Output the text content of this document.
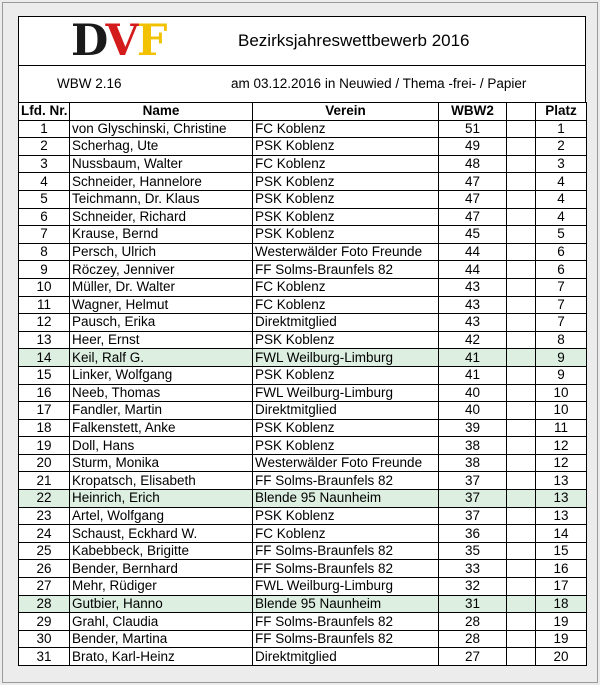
DVF	Bezirksjahreswettbewerb 2016
WBW 2.16	am 03.12.2016 in Neuwied / Thema -frei- / Papier
Lfd. Nr.	Name	Verein	WBW2		Platz
1	von Glyschinski, Christine	FC Koblenz	51		1
2	Scherhag, Ute	PSK Koblenz	49		2
3	Nussbaum, Walter	FC Koblenz	48		3
4	Schneider, Hannelore	PSK Koblenz	47		4
5	Teichmann, Dr. Klaus	PSK Koblenz	47		4
6	Schneider, Richard	PSK Koblenz	47		4
7	Krause, Bernd	PSK Koblenz	45		5
8	Persch, Ulrich	Westerwälder Foto Freunde	44		6
9	Röczey, Jenniver	FF Solms-Braunfels 82	44		6
10	Müller, Dr. Walter	FC Koblenz	43		7
11	Wagner, Helmut	FC Koblenz	43		7
12	Pausch, Erika	Direktmitglied	43		7
13	Heer, Ernst	PSK Koblenz	42		8
14	Keil, Ralf G.	FWL Weilburg-Limburg	41		9
15	Linker, Wolfgang	PSK Koblenz	41		9
16	Neeb, Thomas	FWL Weilburg-Limburg	40		10
17	Fandler, Martin	Direktmitglied	40		10
18	Falkenstett, Anke	PSK Koblenz	39		11
19	Doll, Hans	PSK Koblenz	38		12
20	Sturm, Monika	Westerwälder Foto Freunde	38		12
21	Kropatsch, Elisabeth	FF Solms-Braunfels 82	37		13
22	Heinrich, Erich	Blende 95 Naunheim	37		13
23	Artel, Wolfgang	PSK Koblenz	37		13
24	Schaust, Eckhard W.	FC Koblenz	36		14
25	Kabebbeck, Brigitte	FF Solms-Braunfels 82	35		15
26	Bender, Bernhard	FF Solms-Braunfels 82	33		16
27	Mehr, Rüdiger	FWL Weilburg-Limburg	32		17
28	Gutbier, Hanno	Blende 95 Naunheim	31		18
29	Grahl, Claudia	FF Solms-Braunfels 82	28		19
30	Bender, Martina	FF Solms-Braunfels 82	28		19
31	Brato, Karl-Heinz	Direktmitglied	27		20
